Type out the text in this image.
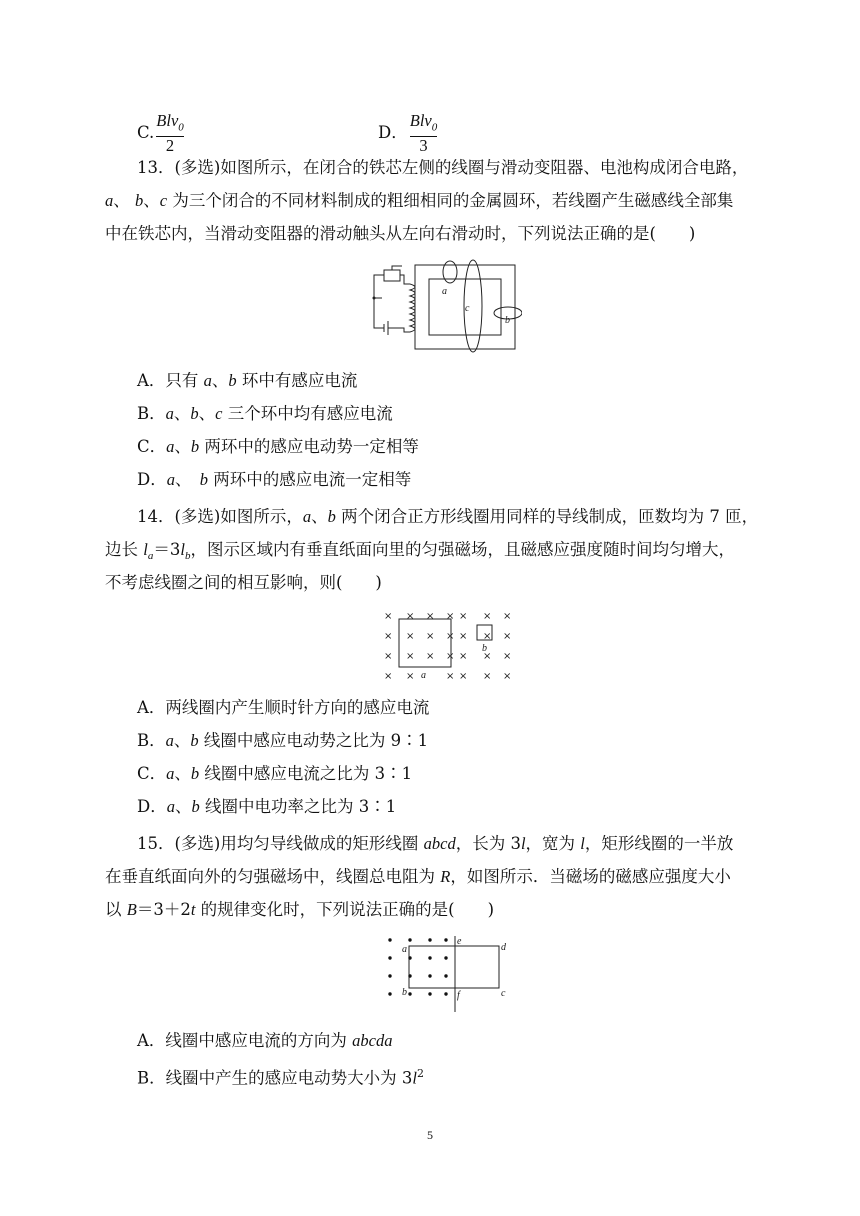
C. $\frac{Blv_0}{2}$	D． $\frac{Blv_0}{3}$
13．(多选)如图所示，在闭合的铁芯左侧的线圈与滑动变阻器、电池构成闭合电路，
a、 b、c 为三个闭合的不同材料制成的粗细相同的金属圆环，若线圈产生磁感线全部集
中在铁芯内，当滑动变阻器的滑动触头从左向右滑动时，下列说法正确的是(　　)
a
c
b
A．只有 a、b 环中有感应电流
B．a、b、c 三个环中均有感应电流
C．a、b 两环中的感应电动势一定相等
D．a、　b 两环中的感应电流一定相等
14．(多选)如图所示，a、b 两个闭合正方形线圈用同样的导线制成，匝数均为 7 匝，
边长 $l_a=3l_b$，图示区域内有垂直纸面向里的匀强磁场，且磁感应强度随时间均匀增大，
不考虑线圈之间的相互影响，则(　　)
a
b
× × × × × × ×
× × × × × × ×
× × × × × × ×
× ×	× × × ×
A．两线圈内产生顺时针方向的感应电流
B．a、b 线圈中感应电动势之比为 9∶1
C．a、b 线圈中感应电流之比为 3∶1
D．a、b 线圈中电功率之比为 3∶1
15．(多选)用均匀导线做成的矩形线圈 abcd，长为 3l，宽为 l，矩形线圈的一半放
在垂直纸面向外的匀强磁场中，线圈总电阻为 R，如图所示．当磁场的磁感应强度大小
以 B＝3＋2t 的规律变化时，下列说法正确的是(　　)
a
b
e
f
d
c
A．线圈中感应电流的方向为 abcda
B．线圈中产生的感应电动势大小为 $3l^2$
5
